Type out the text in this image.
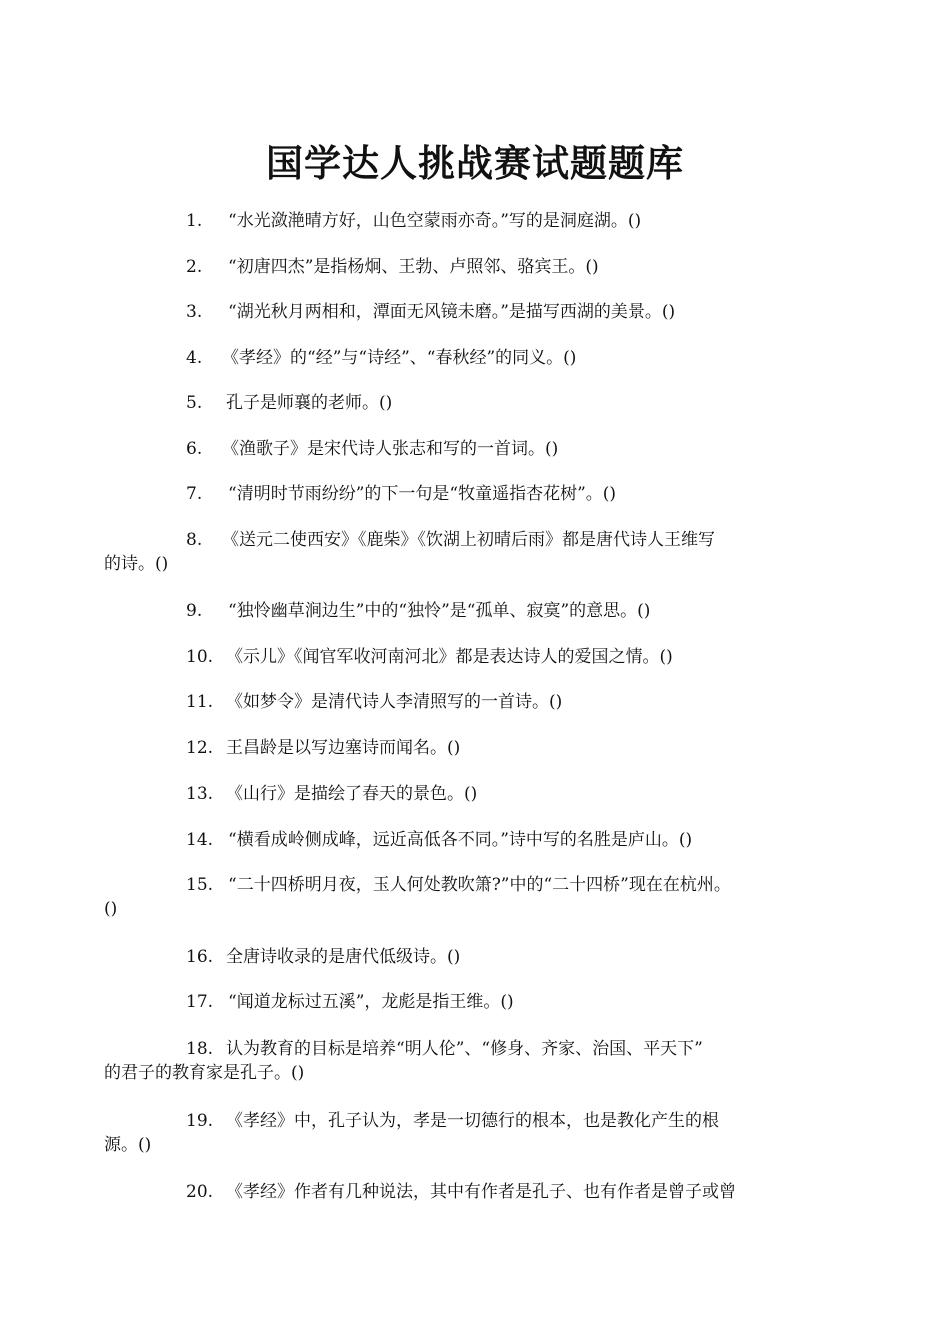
国学达人挑战赛试题题库
1. “水光潋滟晴方好，山色空蒙雨亦奇。”写的是洞庭湖。()
2. “初唐四杰”是指杨炯、王勃、卢照邻、骆宾王。()
3. “湖光秋月两相和，潭面无风镜未磨。”是描写西湖的美景。()
4. 《孝经》的“经”与“诗经”、“春秋经”的同义。()
5. 孔子是师襄的老师。()
6. 《渔歌子》是宋代诗人张志和写的一首词。()
7. “清明时节雨纷纷”的下一句是“牧童遥指杏花树”。()
8. 《送元二使西安》《鹿柴》《饮湖上初晴后雨》都是唐代诗人王维写
的诗。()
9. “独怜幽草涧边生”中的“独怜”是“孤单、寂寞”的意思。()
10. 《示儿》《闻官军收河南河北》都是表达诗人的爱国之情。()
11. 《如梦令》是清代诗人李清照写的一首诗。()
12. 王昌龄是以写边塞诗而闻名。()
13. 《山行》是描绘了春天的景色。()
14. “横看成岭侧成峰，远近高低各不同。”诗中写的名胜是庐山。()
15. “二十四桥明月夜，玉人何处教吹箫?”中的“二十四桥”现在在杭州。
()
16. 全唐诗收录的是唐代低级诗。()
17. “闻道龙标过五溪”，龙彪是指王维。()
18. 认为教育的目标是培养“明人伦”、“修身、齐家、治国、平天下”
的君子的教育家是孔子。()
19. 《孝经》中，孔子认为，孝是一切德行的根本，也是教化产生的根
源。()
20. 《孝经》作者有几种说法，其中有作者是孔子、也有作者是曾子或曾
